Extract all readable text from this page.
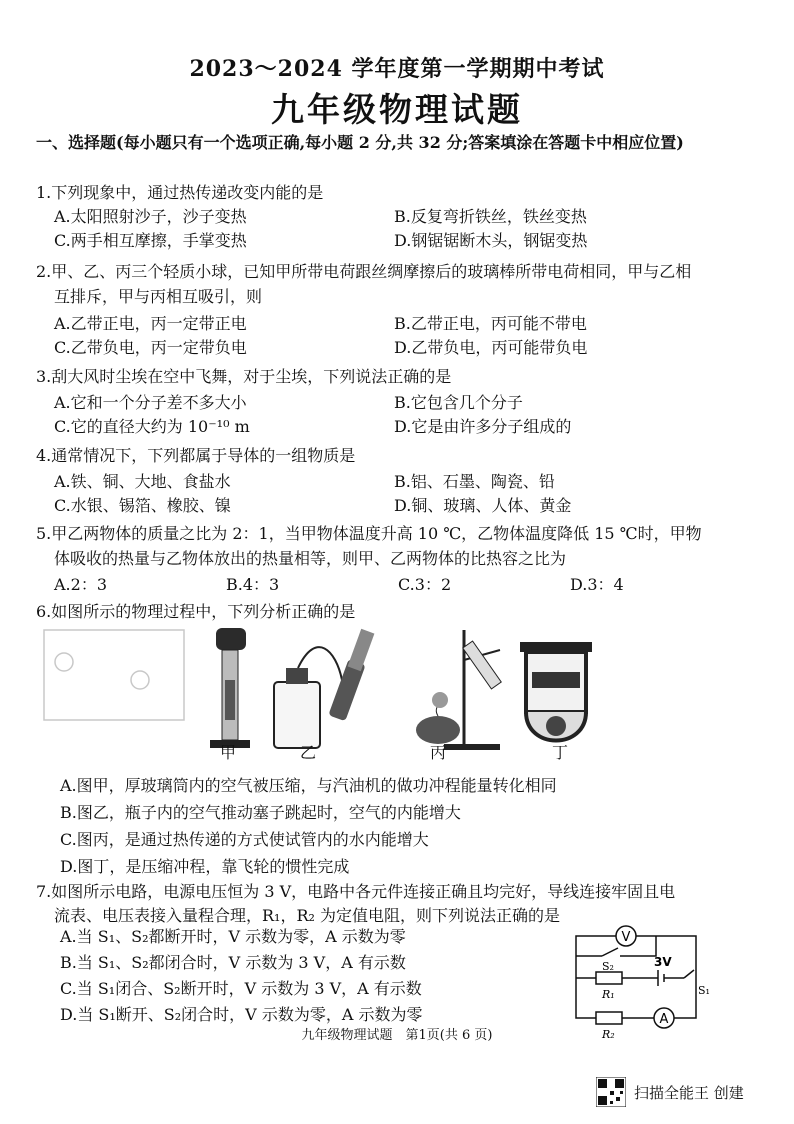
2023～2024 学年度第一学期期中考试
九年级物理试题
一、选择题(每小题只有一个选项正确,每小题 2 分,共 32 分;答案填涂在答题卡中相应位置)
1.下列现象中，通过热传递改变内能的是
A.太阳照射沙子，沙子变热	B.反复弯折铁丝，铁丝变热
C.两手相互摩擦，手掌变热	D.钢锯锯断木头，钢锯变热
2.甲、乙、丙三个轻质小球，已知甲所带电荷跟丝绸摩擦后的玻璃棒所带电荷相同，甲与乙相
互排斥，甲与丙相互吸引，则
A.乙带正电，丙一定带正电	B.乙带正电，丙可能不带电
C.乙带负电，丙一定带负电	D.乙带负电，丙可能带负电
3.刮大风时尘埃在空中飞舞，对于尘埃，下列说法正确的是
A.它和一个分子差不多大小	B.它包含几个分子
C.它的直径大约为 10⁻¹⁰ m	D.它是由许多分子组成的
4.通常情况下，下列都属于导体的一组物质是
A.铁、铜、大地、食盐水	B.铝、石墨、陶瓷、铅
C.水银、锡箔、橡胶、镍	D.铜、玻璃、人体、黄金
5.甲乙两物体的质量之比为 2：1，当甲物体温度升高 10 ℃，乙物体温度降低 15 ℃时，甲物
体吸收的热量与乙物体放出的热量相等，则甲、乙两物体的比热容之比为
A.2：3	B.4：3	C.3：2	D.3：4
6.如图所示的物理过程中，下列分析正确的是
甲	乙	丙	丁
A.图甲，厚玻璃筒内的空气被压缩，与汽油机的做功冲程能量转化相同
B.图乙，瓶子内的空气推动塞子跳起时，空气的内能增大
C.图丙，是通过热传递的方式使试管内的水内能增大
D.图丁，是压缩冲程，靠飞轮的惯性完成
7.如图所示电路，电源电压恒为 3 V，电路中各元件连接正确且均完好，导线连接牢固且电
流表、电压表接入量程合理，R₁，R₂ 为定值电阻，则下列说法正确的是
A.当 S₁、S₂都断开时，V 示数为零，A 示数为零
B.当 S₁、S₂都闭合时，V 示数为 3 V，A 有示数
C.当 S₁闭合、S₂断开时，V 示数为 3 V，A 有示数
D.当 S₁断开、S₂闭合时，V 示数为零，A 示数为零
V
A
S₂
R₁
R₂
S₁
3V
九年级物理试题　第1页(共 6 页)
扫描全能王 创建
